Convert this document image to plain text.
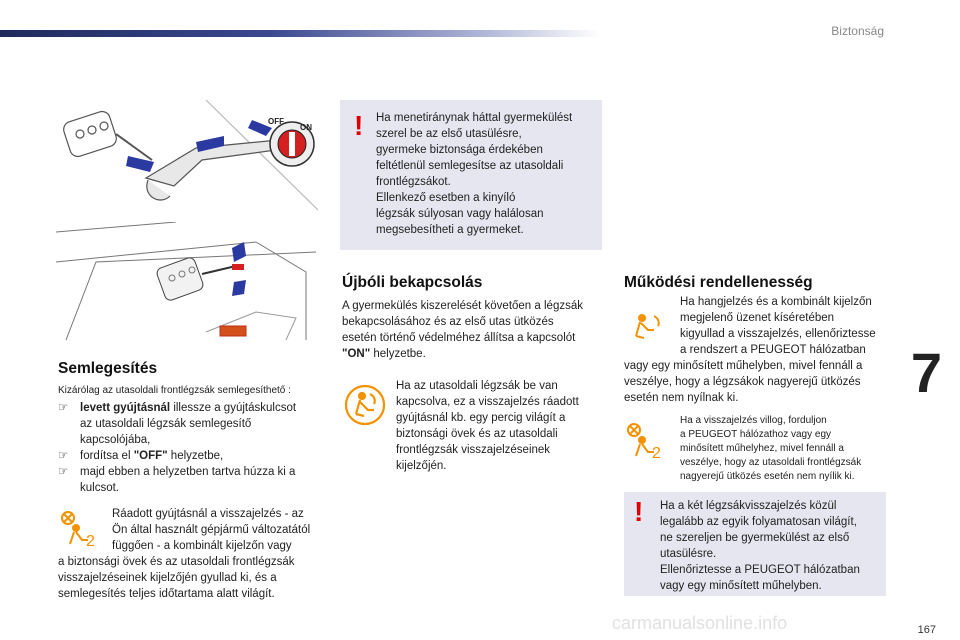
Biztonság
7
167
carmanualsonline.info
OFF
ON ! Ha menetiránynak háttal gyermekülést
szerel be az első utasülésre,
gyermeke biztonsága érdekében
feltétlenül semlegesítse az utasoldali
frontlégzsákot.
Ellenkező esetben a kinyíló
légzsák súlyosan vagy halálosan
megsebesítheti a gyermeket.
Semlegesítés
Kizárólag az utasoldali frontlégzsák semlegesíthető :
☞ levett gyújtásnál illessze a gyújtáskulcsot
az utasoldali légzsák semlegesítő
kapcsolójába,
☞ fordítsa el "OFF" helyzetbe,
☞ majd ebben a helyzetben tartva húzza ki a
kulcsot.
2
Ráadott gyújtásnál a visszajelzés - az
Ön által használt gépjármű változatától
függően - a kombinált kijelzőn vagy
a biztonsági övek és az utasoldali frontlégzsák
visszajelzéseinek kijelzőjén gyullad ki, és a
semlegesítés teljes időtartama alatt világít.
Újbóli bekapcsolás
A gyermekülés kiszerelését követően a légzsák
bekapcsolásához és az első utas ütközés
esetén történő védelméhez állítsa a kapcsolót
"ON" helyzetbe.
Ha az utasoldali légzsák be van
kapcsolva, ez a visszajelzés ráadott
gyújtásnál kb. egy percig világít a
biztonsági övek és az utasoldali
frontlégzsák visszajelzéseinek
kijelzőjén.
Működési rendellenesség
Ha hangjelzés és a kombinált kijelzőn
megjelenő üzenet kíséretében
kigyullad a visszajelzés, ellenőriztesse
a rendszert a PEUGEOT hálózatban
vagy egy minősített műhelyben, mivel fennáll a
veszélye, hogy a légzsákok nagyerejű ütközés
esetén nem nyílnak ki.
2
Ha a visszajelzés villog, forduljon
a PEUGEOT hálózathoz vagy egy
minősített műhelyhez, mivel fennáll a
veszélye, hogy az utasoldali frontlégzsák
nagyerejű ütközés esetén nem nyílik ki.
! Ha a két légzsákvisszajelzés közül
legalább az egyik folyamatosan világít,
ne szereljen be gyermekülést az első
utasülésre.
Ellenőriztesse a PEUGEOT hálózatban
vagy egy minősített műhelyben.
